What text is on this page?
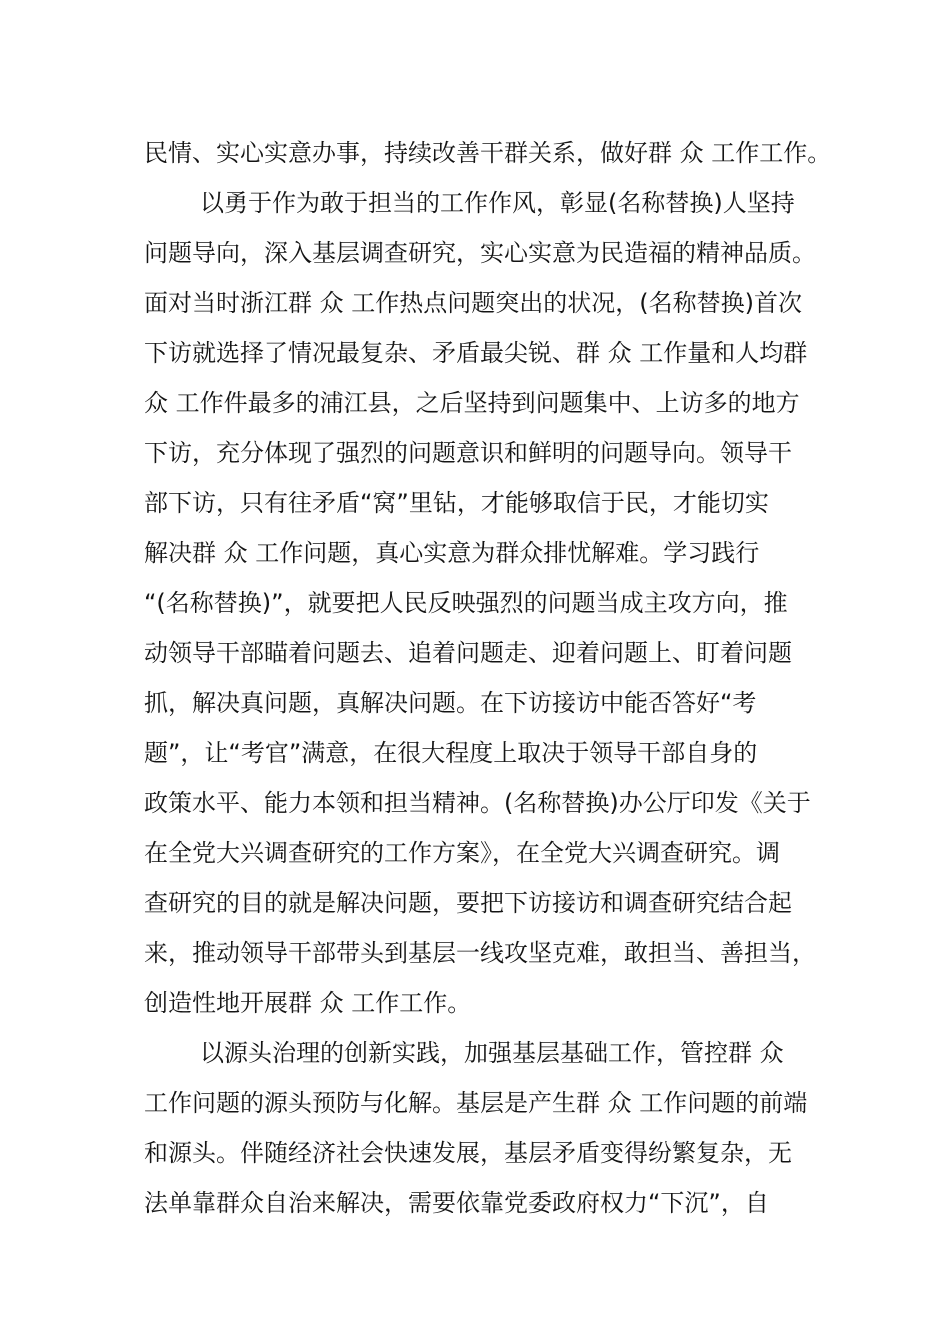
民情、实心实意办事，持续改善干群关系，做好群 众 工作工作。
以勇于作为敢于担当的工作作风，彰显(名称替换)人坚持
问题导向，深入基层调查研究，实心实意为民造福的精神品质。
面对当时浙江群 众 工作热点问题突出的状况，(名称替换)首次
下访就选择了情况最复杂、矛盾最尖锐、群 众 工作量和人均群
众 工作件最多的浦江县，之后坚持到问题集中、上访多的地方
下访，充分体现了强烈的问题意识和鲜明的问题导向。领导干
部下访，只有往矛盾“窝”里钻，才能够取信于民，才能切实
解决群 众 工作问题，真心实意为群众排忧解难。学习践行
“(名称替换)”，就要把人民反映强烈的问题当成主攻方向，推
动领导干部瞄着问题去、追着问题走、迎着问题上、盯着问题
抓，解决真问题，真解决问题。在下访接访中能否答好“考
题”，让“考官”满意，在很大程度上取决于领导干部自身的
政策水平、能力本领和担当精神。(名称替换)办公厅印发《关于
在全党大兴调查研究的工作方案》，在全党大兴调查研究。调
查研究的目的就是解决问题，要把下访接访和调查研究结合起
来，推动领导干部带头到基层一线攻坚克难，敢担当、善担当，
创造性地开展群 众 工作工作。
以源头治理的创新实践，加强基层基础工作，管控群 众
工作问题的源头预防与化解。基层是产生群 众 工作问题的前端
和源头。伴随经济社会快速发展，基层矛盾变得纷繁复杂，无
法单靠群众自治来解决，需要依靠党委政府权力“下沉”，自
